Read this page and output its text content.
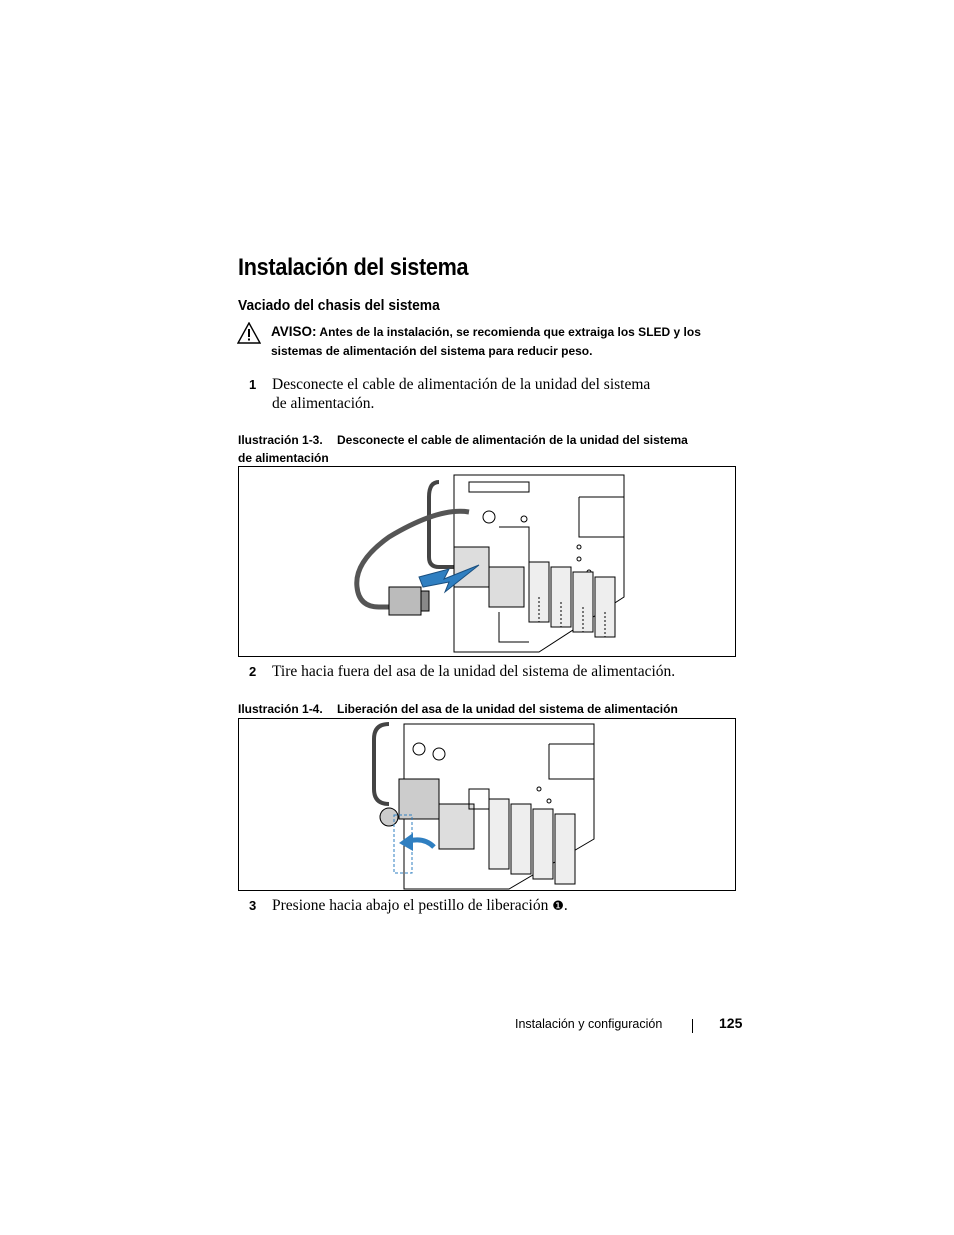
Instalación del sistema
Vaciado del chasis del sistema
AVISO: Antes de la instalación, se recomienda que extraiga los SLED y los sistemas de alimentación del sistema para reducir peso.
1 Desconecte el cable de alimentación de la unidad del sistema
de alimentación.
Ilustración 1-3. Desconecte el cable de alimentación de la unidad del sistema
de alimentación
2 Tire hacia fuera del asa de la unidad del sistema de alimentación.
Ilustración 1-4. Liberación del asa de la unidad del sistema de alimentación
3 Presione hacia abajo el pestillo de liberación ❶.
Instalación y configuración	125
